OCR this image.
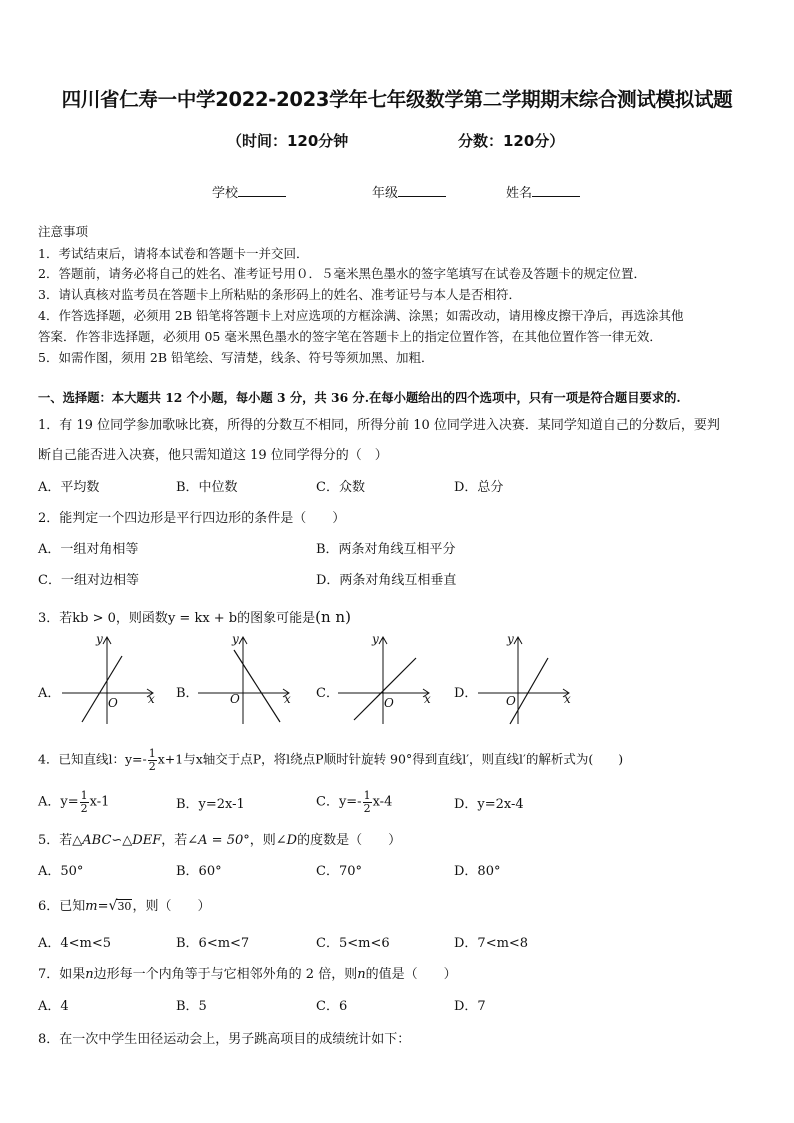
四川省仁寿一中学2022-2023学年七年级数学第二学期期末综合测试模拟试题
（时间：120分钟	分数：120分）
学校	年级	姓名
注意事项
1．考试结束后，请将本试卷和答题卡一并交回．
2．答题前，请务必将自己的姓名、准考证号用０．５毫米黑色墨水的签字笔填写在试卷及答题卡的规定位置．
3．请认真核对监考员在答题卡上所粘贴的条形码上的姓名、准考证号与本人是否相符．
4．作答选择题，必须用 2B 铅笔将答题卡上对应选项的方框涂满、涂黑；如需改动，请用橡皮擦干净后，再选涂其他
答案．作答非选择题，必须用 05 毫米黑色墨水的签字笔在答题卡上的指定位置作答，在其他位置作答一律无效．
5．如需作图，须用 2B 铅笔绘、写清楚，线条、符号等须加黑、加粗．
一、选择题：本大题共 12 个小题，每小题 3 分，共 36 分.在每小题给出的四个选项中，只有一项是符合题目要求的.
1．有 19 位同学参加歌咏比赛，所得的分数互不相同，所得分前 10 位同学进入决赛．某同学知道自己的分数后，要判
断自己能否进入决赛，他只需知道这 19 位同学得分的（　）
A．平均数	B．中位数	C．众数	D．总分
2．能判定一个四边形是平行四边形的条件是（　　）
A．一组对角相等	B．两条对角线互相平分
C．一组对边相等	D．两条对角线互相垂直
3．若kb > 0，则函数y = kx + b的图象可能是(n n)
A．
y
x
O
B．
y
x
O	C．
y
x
O
D．
y
x
O
4．已知直线l：$y=- \frac{1}{2} x+1$与x轴交于点P，将l绕点P顺时针旋转 90°得到直线l′，则直线l′的解析式为(　　)
A．$y= \frac{1}{2} x-1$	B．y=2x-1	C．$y=- \frac{1}{2} x-4$	D．y=2x-4
5．若△ABC∽△DEF，若∠A = 50°，则∠D的度数是（　　）
A．50°	B．60°	C．70°	D．80°
6．已知m=√30，则（　　）
A．4<m<5	B．6<m<7	C．5<m<6	D．7<m<8
7．如果n边形每一个内角等于与它相邻外角的 2 倍，则n的值是（　　）
A．4	B．5	C．6	D．7
8．在一次中学生田径运动会上，男子跳高项目的成绩统计如下：
